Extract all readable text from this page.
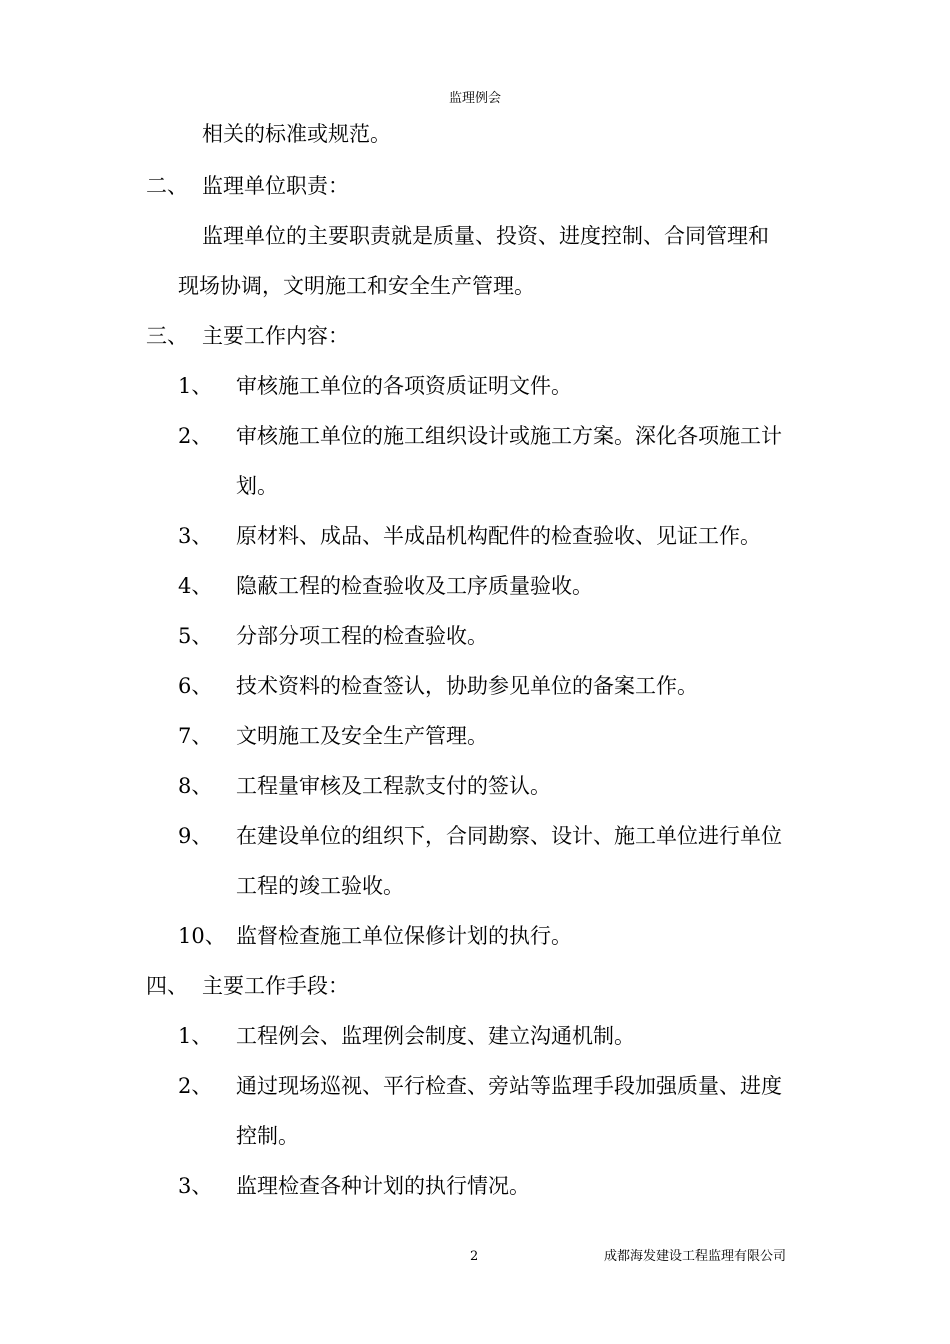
监理例会
相关的标准或规范。
二、 监理单位职责：
监理单位的主要职责就是质量、投资、进度控制、合同管理和
现场协调，文明施工和安全生产管理。
三、 主要工作内容：
1、 审核施工单位的各项资质证明文件。
2、 审核施工单位的施工组织设计或施工方案。深化各项施工计
划。
3、 原材料、成品、半成品机构配件的检查验收、见证工作。
4、 隐蔽工程的检查验收及工序质量验收。
5、 分部分项工程的检查验收。
6、 技术资料的检查签认，协助参见单位的备案工作。
7、 文明施工及安全生产管理。
8、 工程量审核及工程款支付的签认。
9、 在建设单位的组织下，合同勘察、设计、施工单位进行单位
工程的竣工验收。
10、 监督检查施工单位保修计划的执行。
四、 主要工作手段：
1、 工程例会、监理例会制度、建立沟通机制。
2、 通过现场巡视、平行检查、旁站等监理手段加强质量、进度
控制。
3、 监理检查各种计划的执行情况。
2	成都海发建设工程监理有限公司
